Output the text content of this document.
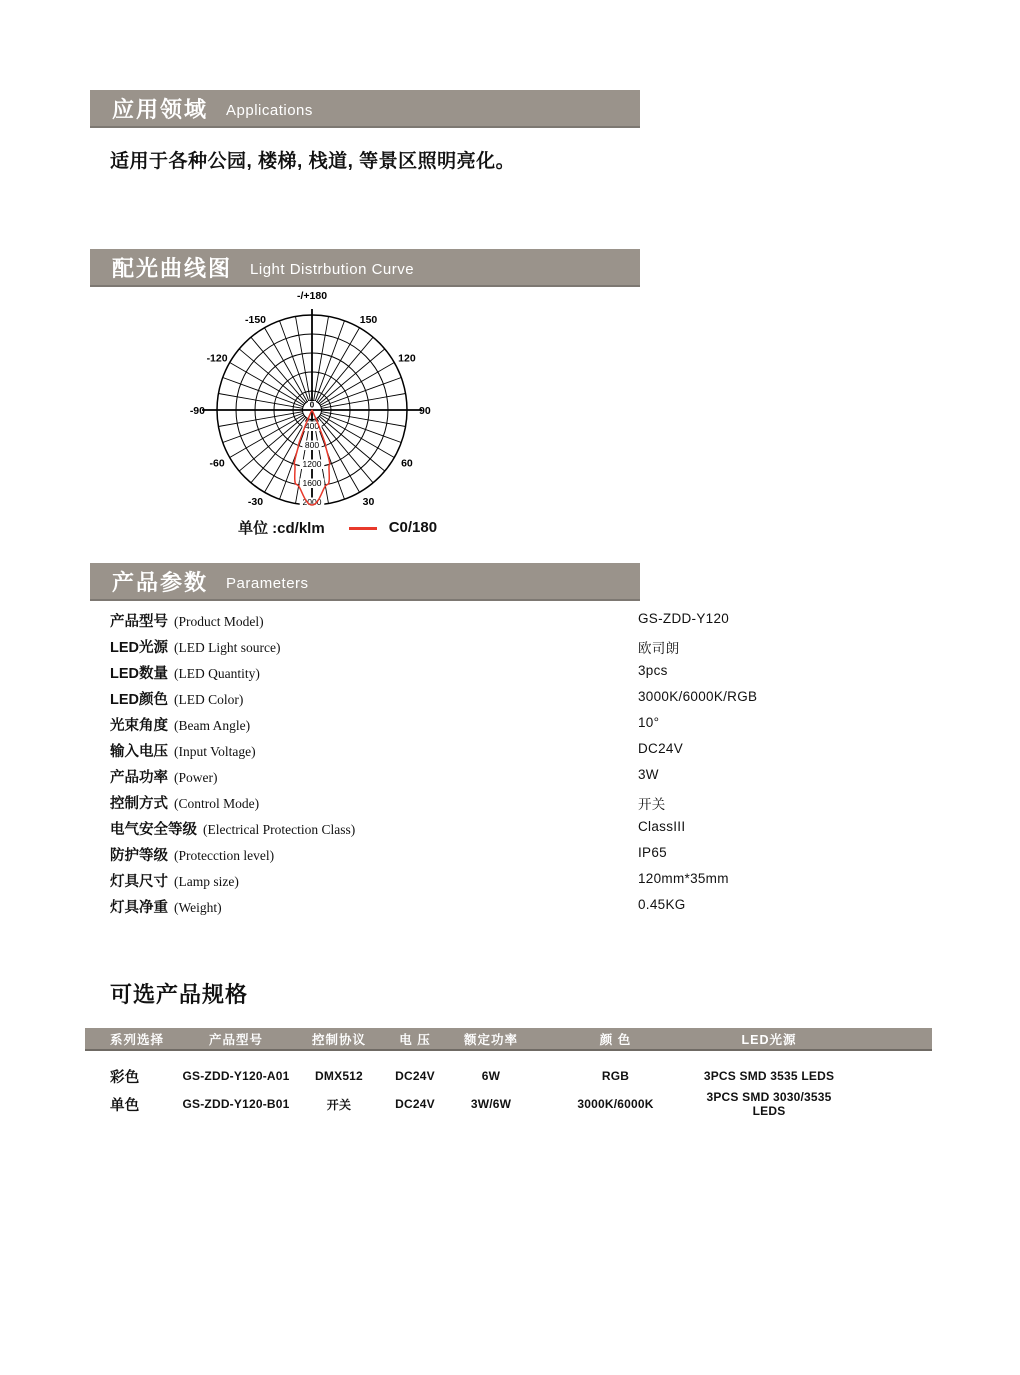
应用领域 Applications
适用于各种公园, 楼梯, 栈道, 等景区照明亮化。
配光曲线图 Light Distrbution Curve
-/+180
150
120
90
60
30
-150
-120
-90
-60
-30
0
400
800
1200
1600
2000
单位 :cd/klm	C0/180
产品参数 Parameters
产品型号 (Product Model)	GS-ZDD-Y120
LED光源 (LED Light source)	欧司朗
LED数量 (LED Quantity)	3pcs
LED颜色 (LED Color)	3000K/6000K/RGB
光束角度 (Beam Angle)	10°
输入电压 (Input Voltage)	DC24V
产品功率 (Power)	3W
控制方式 (Control Mode)	开关
电气安全等级 (Electrical Protection Class)	ClassIII
防护等级 (Protecction level)	IP65
灯具尺寸 (Lamp size)	120mm*35mm
灯具净重 (Weight)	0.45KG
可选产品规格
系列选择	产品型号	控制协议	电 压	额定功率	颜 色	LED光源
彩色	GS-ZDD-Y120-A01	DMX512	DC24V	6W	RGB	3PCS SMD 3535 LEDS
单色	GS-ZDD-Y120-B01	开关	DC24V	3W/6W	3000K/6000K	3PCS SMD 3030/3535 LEDS
